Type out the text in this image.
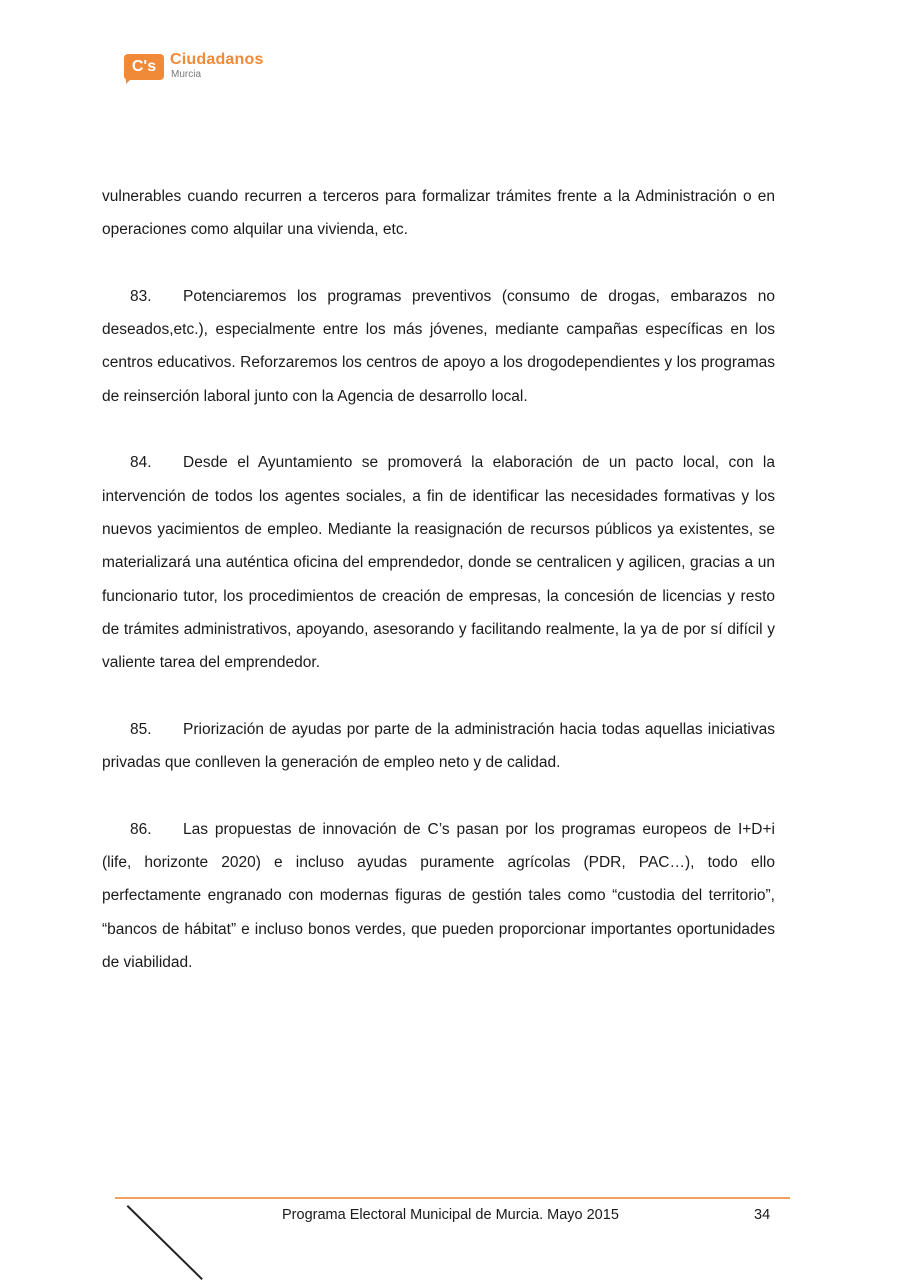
C's Ciudadanos
Murcia

vulnerables cuando recurren a terceros para formalizar trámites frente a la Administración o en operaciones como alquilar una vivienda, etc.

83. Potenciaremos los programas preventivos (consumo de drogas, embarazos no deseados,etc.), especialmente entre los más jóvenes, mediante campañas específicas en los centros educativos. Reforzaremos los centros de apoyo a los drogodependientes y los programas de reinserción laboral junto con la Agencia de desarrollo local.

84. Desde el Ayuntamiento se promoverá la elaboración de un pacto local, con la intervención de todos los agentes sociales, a fin de identificar las necesidades formativas y los nuevos yacimientos de empleo. Mediante la reasignación de recursos públicos ya existentes, se materializará una auténtica oficina del emprendedor, donde se centralicen y agilicen, gracias a un funcionario tutor, los procedimientos de creación de empresas, la concesión de licencias y resto de trámites administrativos, apoyando, asesorando y facilitando realmente, la ya de por sí difícil y valiente tarea del emprendedor.

85. Priorización de ayudas por parte de la administración hacia todas aquellas iniciativas privadas que conlleven la generación de empleo neto y de calidad.

86. Las propuestas de innovación de C’s pasan por los programas europeos de I+D+i (life, horizonte 2020) e incluso ayudas puramente agrícolas (PDR, PAC…), todo ello perfectamente engranado con modernas figuras de gestión tales como “custodia del territorio”, “bancos de hábitat” e incluso bonos verdes, que pueden proporcionar importantes oportunidades de viabilidad.

Programa Electoral Municipal de Murcia. Mayo 2015	34
